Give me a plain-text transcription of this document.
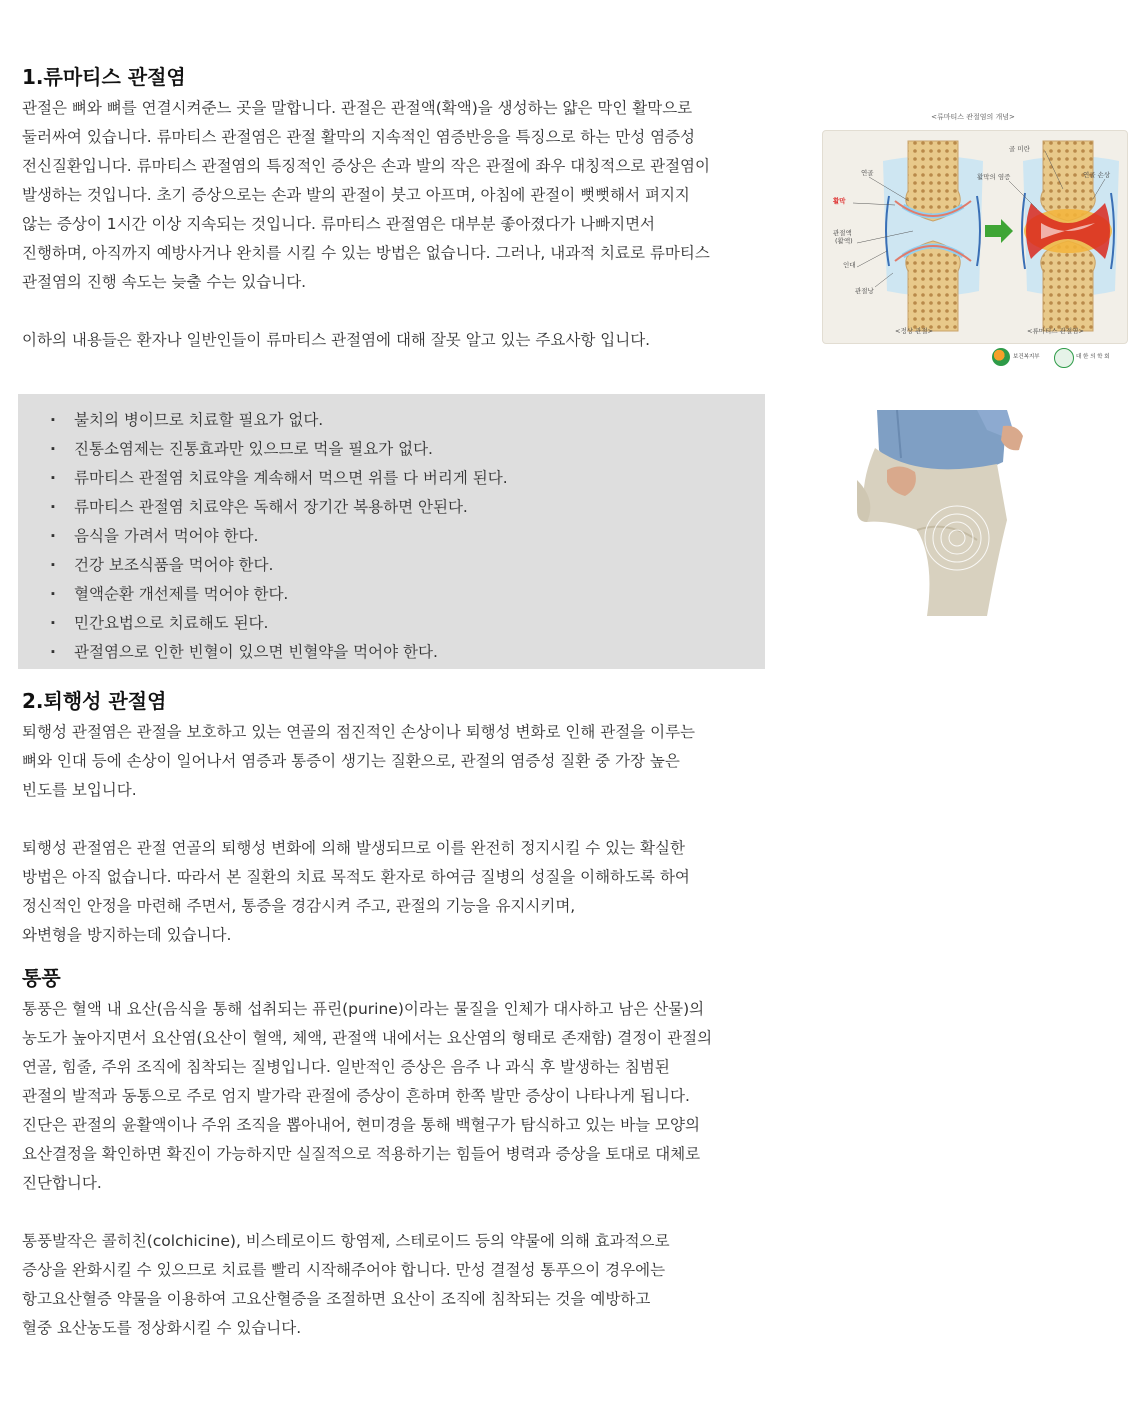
1.류마티스 관절염

관절은 뼈와 뼈를 연결시켜준느 곳을 말합니다. 관절은 관절액(확액)을 생성하는 얇은 막인 활막으로
둘러싸여 있습니다. 류마티스 관절염은 관절 활막의 지속적인 염증반응을 특징으로 하는 만성 염증성
전신질환입니다. 류마티스 관절염의 특징적인 증상은 손과 발의 작은 관절에 좌우 대칭적으로 관절염이
발생하는 것입니다. 초기 증상으로는 손과 발의 관절이 붓고 아프며, 아침에 관절이 뻣뻣해서 펴지지
않는 증상이 1시간 이상 지속되는 것입니다. 류마티스 관절염은 대부분 좋아졌다가 나빠지면서
진행하며, 아직까지 예방사거나 완치를 시킬 수 있는 방법은 없습니다. 그러나, 내과적 치료로 류마티스
관절염의 진행 속도는 늦출 수는 있습니다.

이하의 내용들은 환자나 일반인들이 류마티스 관절염에 대해 잘못 알고 있는 주요사항 입니다.

· 불치의 병이므로 치료할 필요가 없다.
· 진통소염제는 진통효과만 있으므로 먹을 필요가 없다.
· 류마티스 관절염 치료약을 계속해서 먹으면 위를 다 버리게 된다.
· 류마티스 관절염 치료약은 독해서 장기간 복용하면 안된다.
· 음식을 가려서 먹어야 한다.
· 건강 보조식품을 먹어야 한다.
· 혈액순환 개선제를 먹어야 한다.
· 민간요법으로 치료해도 된다.
· 관절염으로 인한 빈혈이 있으면 빈혈약을 먹어야 한다.
2.퇴행성 관절염

퇴행성 관절염은 관절을 보호하고 있는 연골의 점진적인 손상이나 퇴행성 변화로 인해 관절을 이루는
뼈와 인대 등에 손상이 일어나서 염증과 통증이 생기는 질환으로, 관절의 염증성 질환 중 가장 높은
빈도를 보입니다.

퇴행성 관절염은 관절 연골의 퇴행성 변화에 의해 발생되므로 이를 완전히 정지시킬 수 있는 확실한
방법은 아직 없습니다. 따라서 본 질환의 치료 목적도 환자로 하여금 질병의 성질을 이해하도록 하여
정신적인 안정을 마련해 주면서, 통증을 경감시켜 주고, 관절의 기능을 유지시키며,
와변형을 방지하는데 있습니다.

통풍

통풍은 혈액 내 요산(음식을 통해 섭취되는 퓨린(purine)이라는 물질을 인체가 대사하고 남은 산물)의
농도가 높아지면서 요산염(요산이 혈액, 체액, 관절액 내에서는 요산염의 형태로 존재함) 결정이 관절의
연골, 힘줄, 주위 조직에 침착되는 질병입니다. 일반적인 증상은 음주 나 과식 후 발생하는 침범된
관절의 발적과 동통으로 주로 엄지 발가락 관절에 증상이 흔하며 한쪽 발만 증상이 나타나게 됩니다.
진단은 관절의 윤활액이나 주위 조직을 뽑아내어, 현미경을 통해 백혈구가 탐식하고 있는 바늘 모양의
요산결정을 확인하면 확진이 가능하지만 실질적으로 적용하기는 힘들어 병력과 증상을 토대로 대체로
진단합니다.

통풍발작은 콜히친(colchicine), 비스테로이드 항염제, 스테로이드 등의 약물에 의해 효과적으로
증상을 완화시킬 수 있으므로 치료를 빨리 시작해주어야 합니다. 만성 결절성 통푸으이 경우에는
항고요산혈증 약물을 이용하여 고요산혈증을 조절하면 요산이 조직에 침착되는 것을 예방하고
혈중 요산농도를 정상화시킬 수 있습니다.

<류마티스 관절염의 개념>
연골
활막
관절액
(활액)
인대
관절낭
골 미란
활막의 염증	연골 손상
<정상 관절>	<류마티스 관절염>
보건복지부	대 한 의 학 회
